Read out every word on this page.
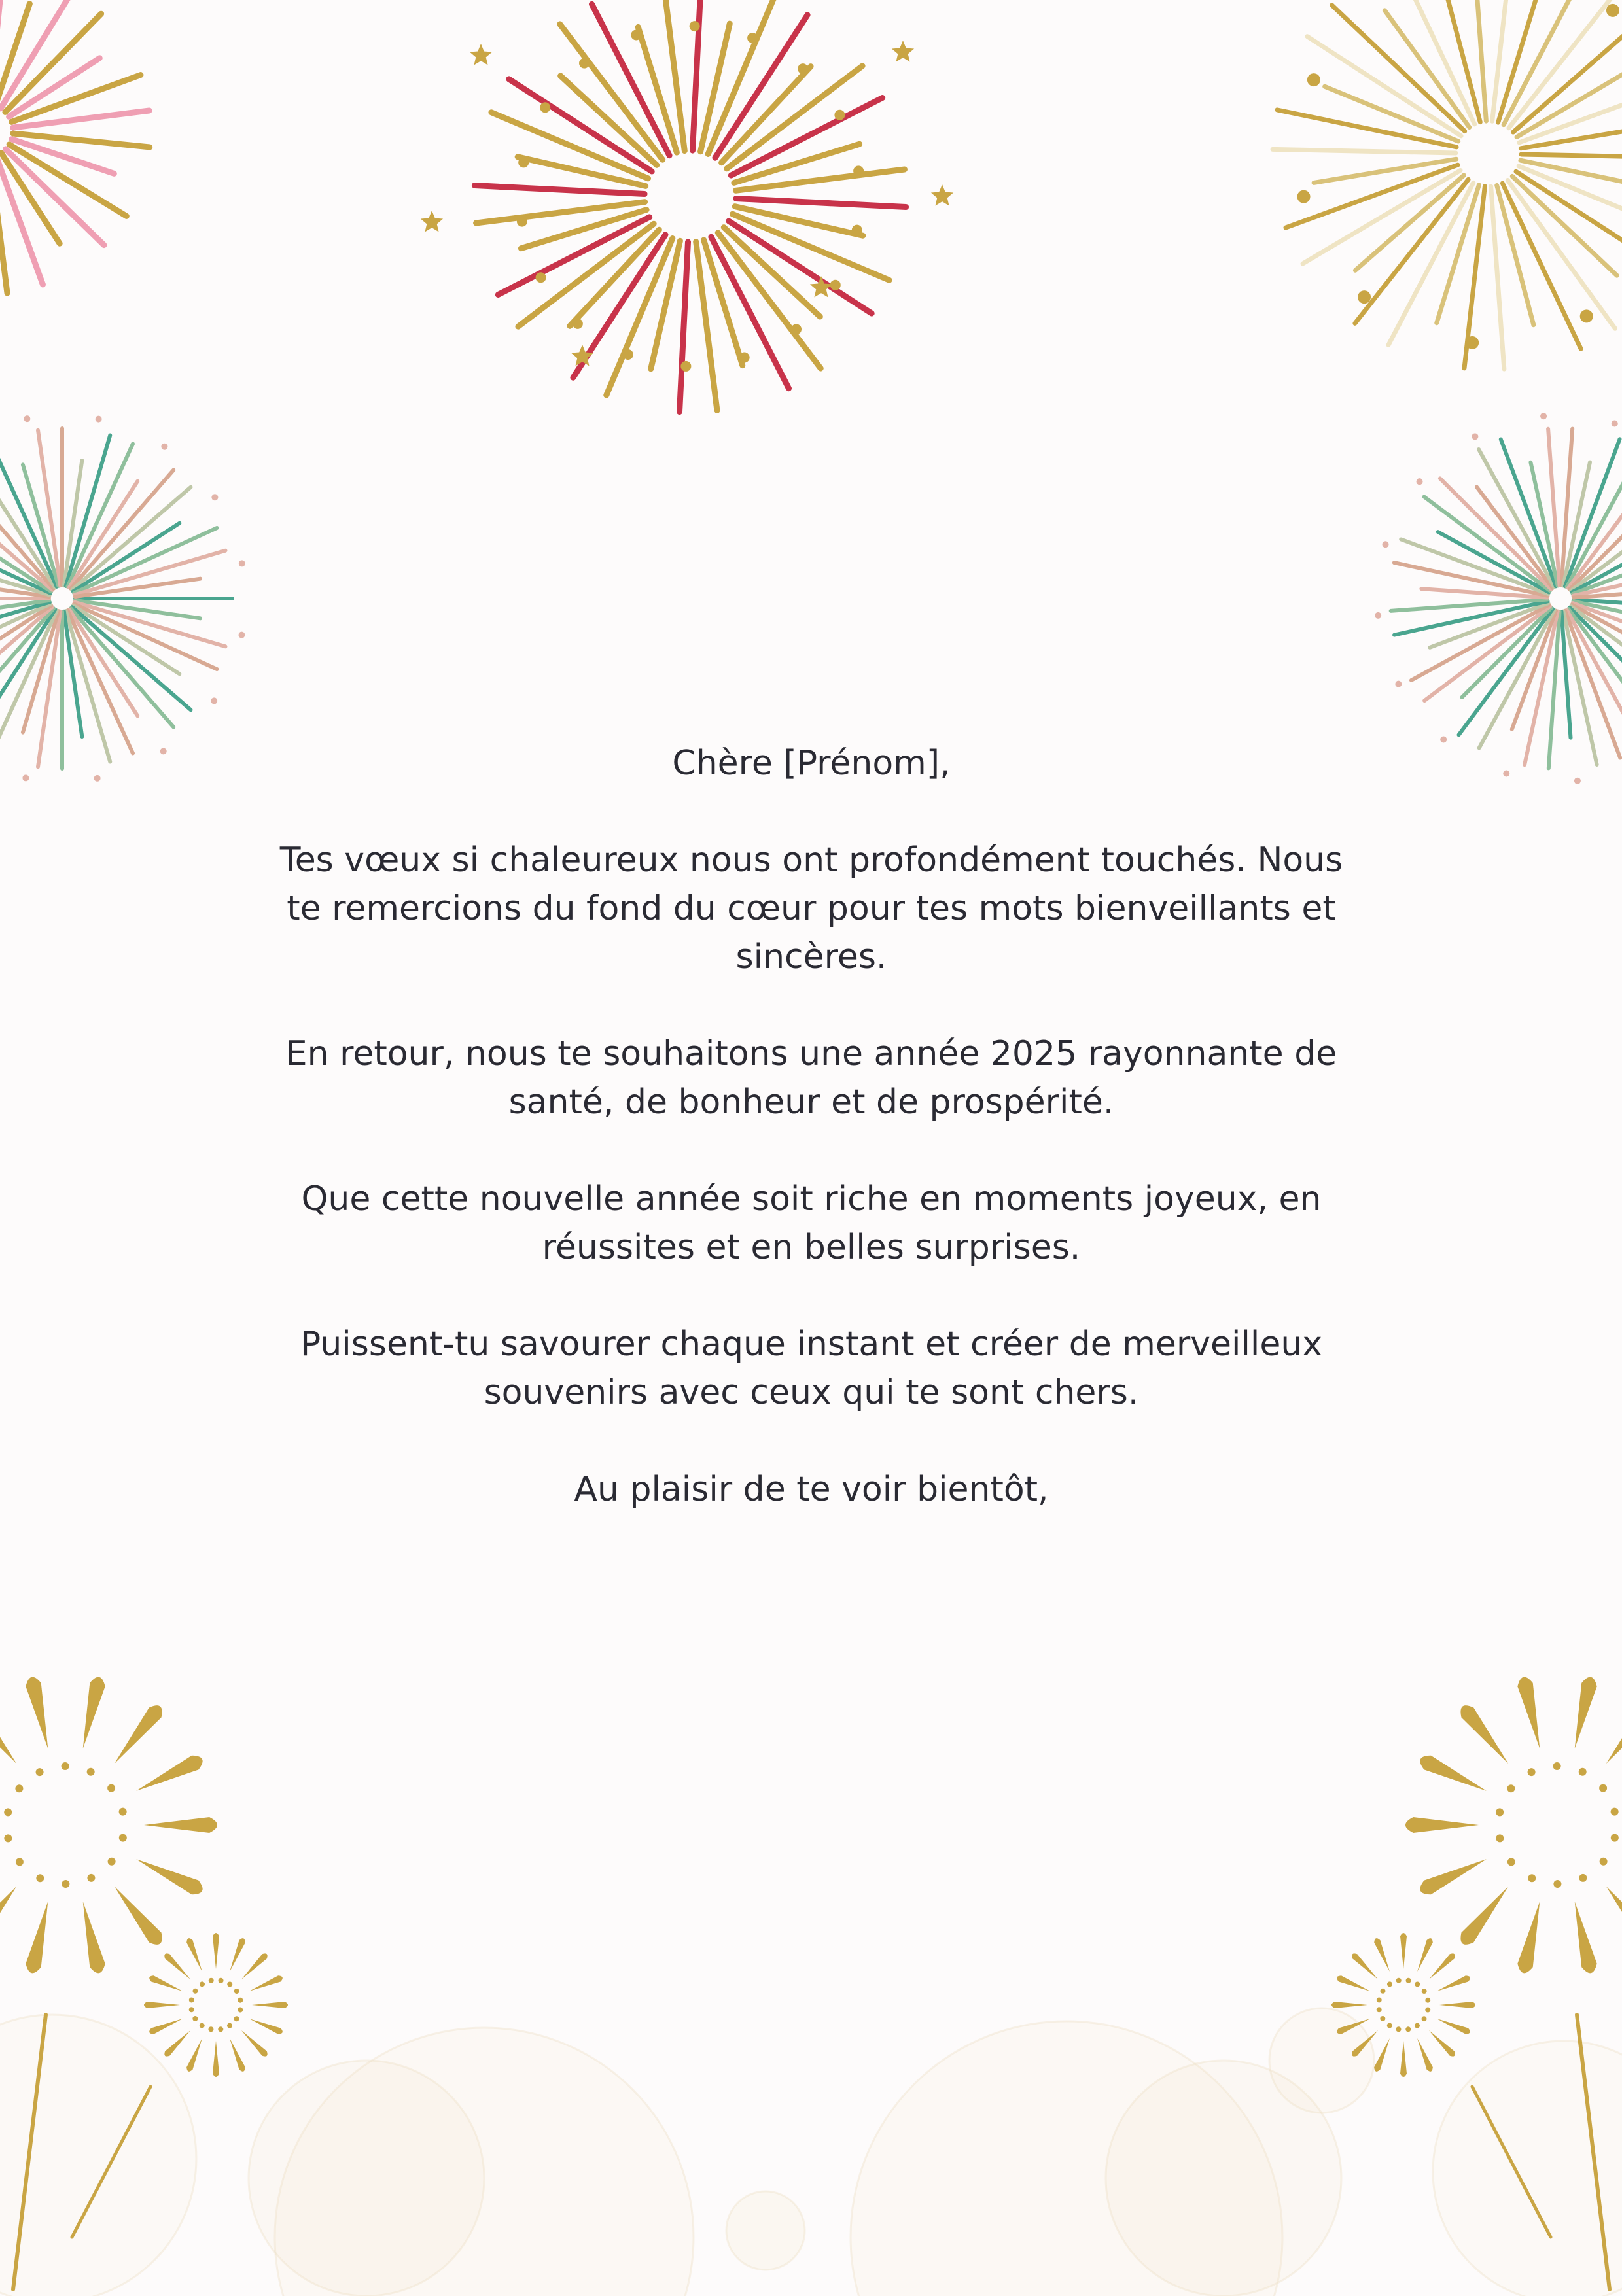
Chère [Prénom],

Tes vœux si chaleureux nous ont profondément touchés. Nous te remercions du fond du cœur pour tes mots bienveillants et sincères.

En retour, nous te souhaitons une année 2025 rayonnante de santé, de bonheur et de prospérité.

Que cette nouvelle année soit riche en moments joyeux, en réussites et en belles surprises.

Puissent-tu savourer chaque instant et créer de merveilleux souvenirs avec ceux qui te sont chers.

Au plaisir de te voir bientôt,
